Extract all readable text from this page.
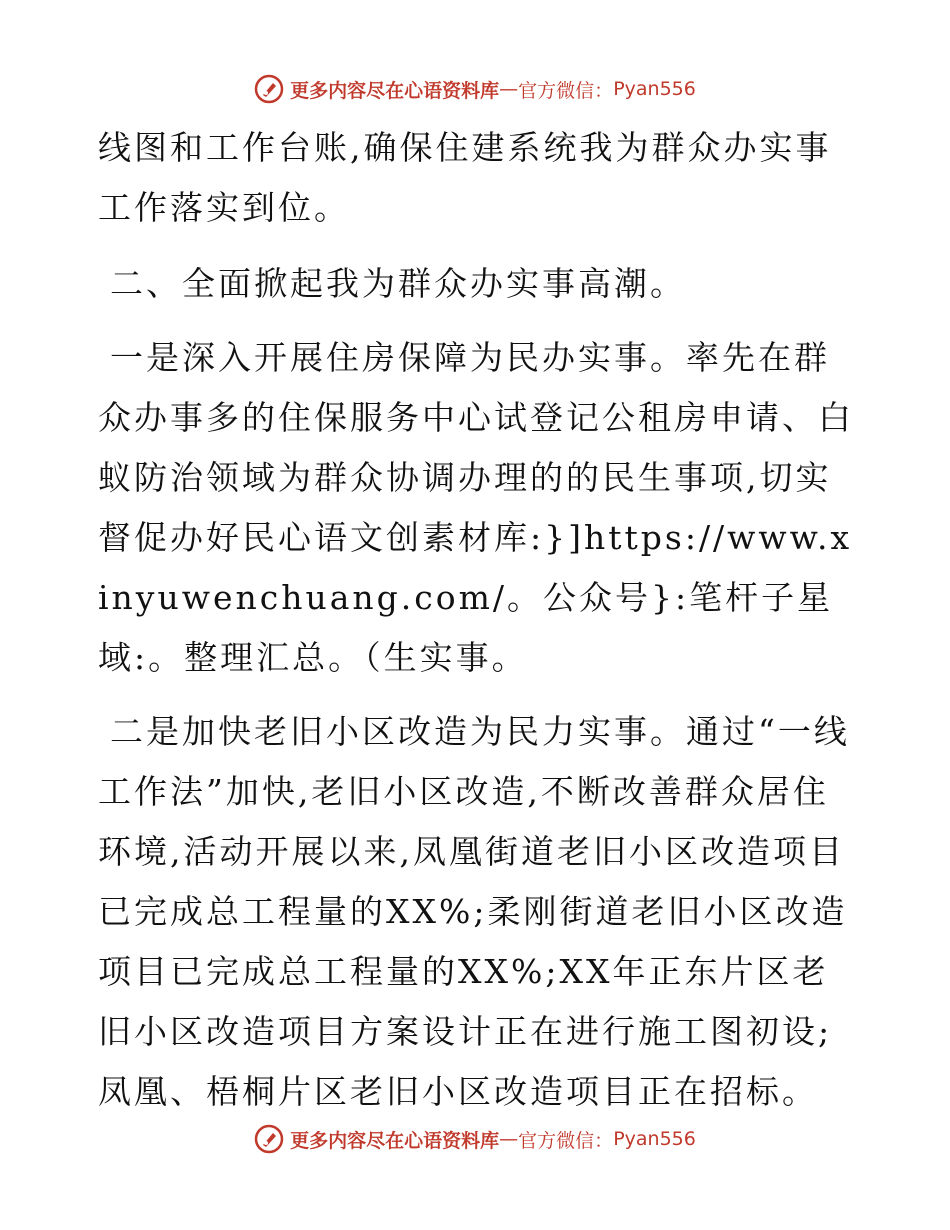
更多内容尽在心语资料库 — 官方微信： Pyan556

线图和工作台账,确保住建系统我为群众办实事工作落实到位。

二、全面掀起我为群众办实事高潮。

一是深入开展住房保障为民办实事。率先在群众办事多的住保服务中心试登记公租房申请、白蚁防治领域为群众协调办理的的民生事项,切实督促办好民心语文创素材库:}]https://www.xinyuwenchuang.com/。公众号}:笔杆子星域:。整理汇总。（生实事。

二是加快老旧小区改造为民力实事。通过“一线工作法”加快,老旧小区改造,不断改善群众居住环境,活动开展以来,凤凰街道老旧小区改造项目已完成总工程量的XX%;柔刚街道老旧小区改造项目已完成总工程量的XX%;XX年正东片区老旧小区改造项目方案设计正在进行施工图初设;凤凰、梧桐片区老旧小区改造项目正在招标。

更多内容尽在心语资料库 — 官方微信： Pyan556
